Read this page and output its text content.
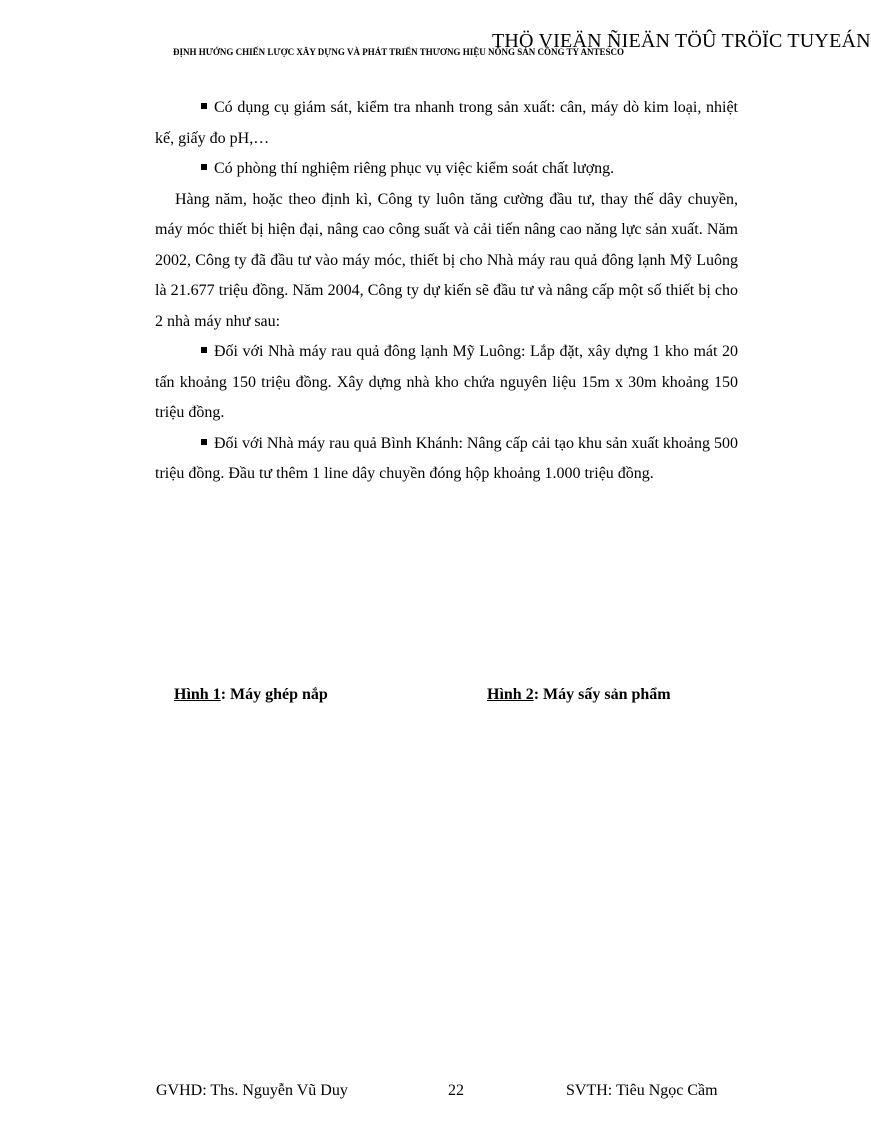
THÖ VIEÄN ÑIEÄN TÖÛ TRÖÏC TUYEÁN
ĐỊNH HƯỚNG CHIẾN LƯỢC XÂY DỰNG VÀ PHÁT TRIỂN THƯƠNG HIỆU NÔNG SẢN CÔNG TY ANTESCO

Có dụng cụ giám sát, kiểm tra nhanh trong sản xuất: cân, máy dò kim loại, nhiệt kế, giấy đo pH,…

Có phòng thí nghiệm riêng phục vụ việc kiểm soát chất lượng.

Hàng năm, hoặc theo định kì, Công ty luôn tăng cường đầu tư, thay thế dây chuyền, máy móc thiết bị hiện đại, nâng cao công suất và cải tiến nâng cao năng lực sản xuất. Năm 2002, Công ty đã đầu tư vào máy móc, thiết bị cho Nhà máy rau quả đông lạnh Mỹ Luông là 21.677 triệu đồng. Năm 2004, Công ty dự kiến sẽ đầu tư và nâng cấp một số thiết bị cho 2 nhà máy như sau:

Đối với Nhà máy rau quả đông lạnh Mỹ Luông: Lắp đặt, xây dựng 1 kho mát 20 tấn khoảng 150 triệu đồng. Xây dựng nhà kho chứa nguyên liệu 15m x 30m khoảng 150 triệu đồng.

Đối với Nhà máy rau quả Bình Khánh: Nâng cấp cải tạo khu sản xuất khoảng 500 triệu đồng. Đầu tư thêm 1 line dây chuyền đóng hộp khoảng 1.000 triệu đồng.

Hình 1: Máy ghép nắp	Hình 2: Máy sấy sản phẩm
GVHD: Ths. Nguyễn Vũ Duy	22	SVTH: Tiêu Ngọc Cầm
